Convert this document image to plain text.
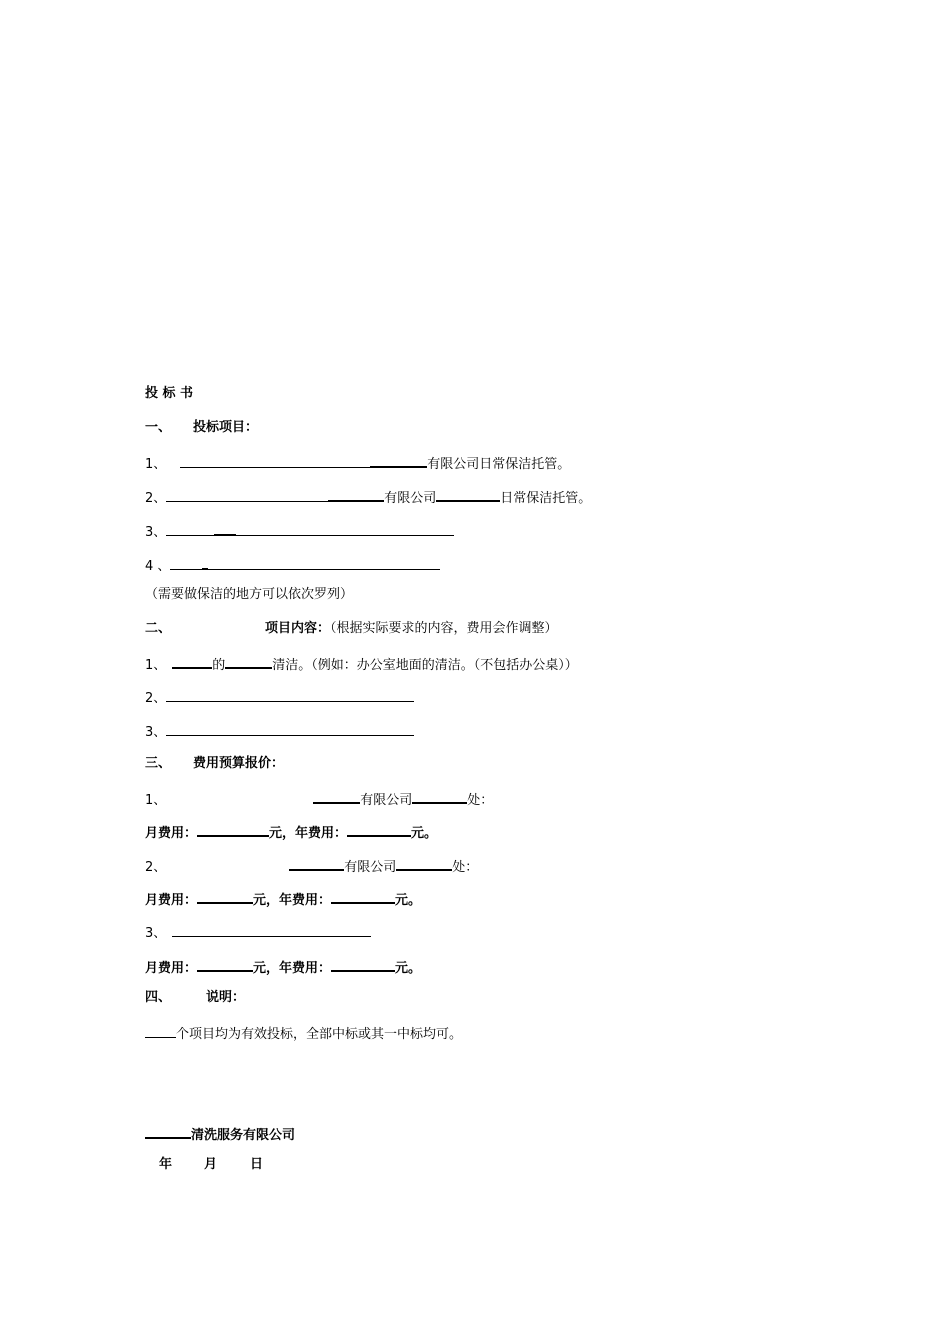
投 标 书
一、 投标项目：
1、	有限公司日常保洁托管。
2、	有限公司	日常保洁托管。
3、
4 、
（需要做保洁的地方可以依次罗列）
二、	项目内容：（根据实际要求的内容，费用会作调整）
1、	的	清洁。（例如：办公室地面的清洁。（不包括办公桌））
2、
3、
三、 费用预算报价：
1、	有限公司	处：
月费用：	元，年费用：	元。
2、	有限公司	处：
月费用：	元，年费用：	元。
3、
月费用：	元，年费用：	元。
四、	说明：
个项目均为有效投标，全部中标或其一中标均可。
清洗服务有限公司
年 月	日
